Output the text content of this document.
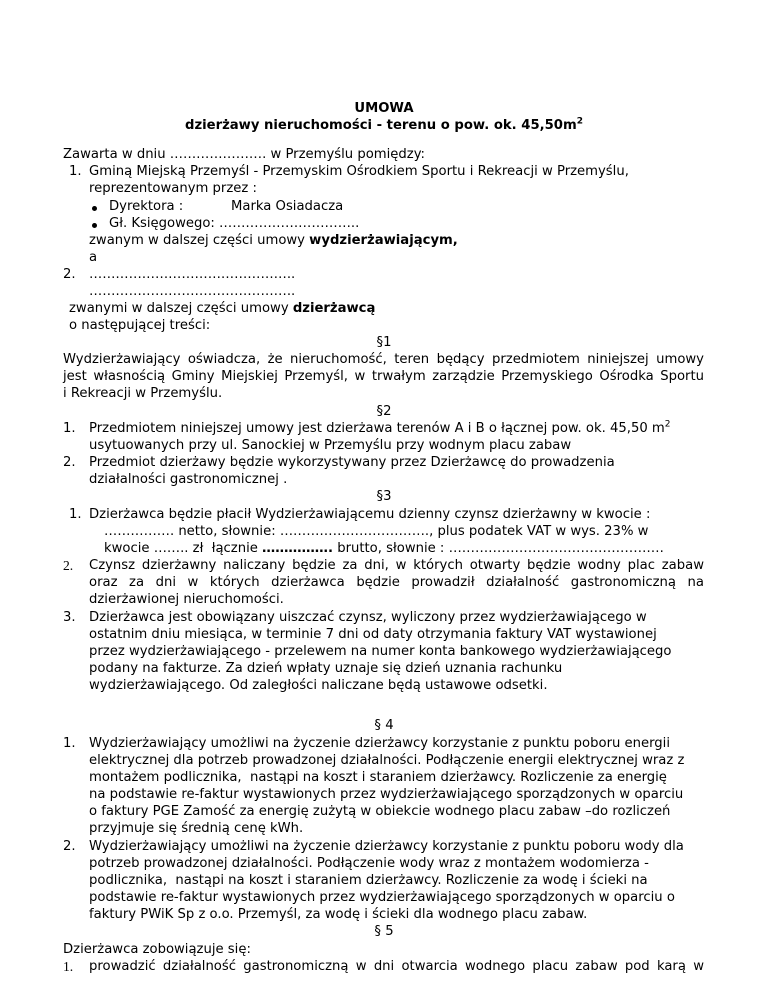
UMOWA
dzierżawy nieruchomości - terenu o pow. ok. $45,50m^2$
Zawarta w dniu …………………. w Przemyślu pomiędzy:
1. Gminą Miejską Przemyśl - Przemyskim Ośrodkiem Sportu i Rekreacji w Przemyślu,
reprezentowanym przez :
Dyrektora :	Marka Osiadacza
Gł. Księgowego: …………………………..
zwanym w dalszej części umowy wydzierżawiającym,
a
2. ………………………………………..
………………………………………..
zwanymi w dalszej części umowy dzierżawcą
o następującej treści:
§1
Wydzierżawiający oświadcza, że nieruchomość, teren będący przedmiotem niniejszej umowy
jest własnością Gminy Miejskiej Przemyśl, w trwałym zarządzie Przemyskiego Ośrodka Sportu
i Rekreacji w Przemyślu.
§2
1. Przedmiotem niniejszej umowy jest dzierżawa terenów A i B o łącznej pow. ok. 45,50 $m^2$
usytuowanych przy ul. Sanockiej w Przemyślu przy wodnym placu zabaw
2. Przedmiot dzierżawy będzie wykorzystywany przez Dzierżawcę do prowadzenia
działalności gastronomicznej .
§3
1. Dzierżawca będzie płacił Wydzierżawiającemu dzienny czynsz dzierżawny w kwocie :
……………. netto, słownie: ……………………………., plus podatek VAT w wys. 23% w
kwocie …….. zł  łącznie ……………. brutto, słownie : ………………………………………….
2. Czynsz dzierżawny naliczany będzie za dni, w których otwarty będzie wodny plac zabaw
oraz za dni w których dzierżawca będzie prowadził działalność gastronomiczną na
dzierżawionej nieruchomości.
3. Dzierżawca jest obowiązany uiszczać czynsz, wyliczony przez wydzierżawiającego w
ostatnim dniu miesiąca, w terminie 7 dni od daty otrzymania faktury VAT wystawionej
przez wydzierżawiającego - przelewem na numer konta bankowego wydzierżawiającego
podany na fakturze. Za dzień wpłaty uznaje się dzień uznania rachunku
wydzierżawiającego. Od zaległości naliczane będą ustawowe odsetki.
§ 4
1. Wydzierżawiający umożliwi na życzenie dzierżawcy korzystanie z punktu poboru energii
elektrycznej dla potrzeb prowadzonej działalności. Podłączenie energii elektrycznej wraz z
montażem podlicznika,  nastąpi na koszt i staraniem dzierżawcy. Rozliczenie za energię
na podstawie re-faktur wystawionych przez wydzierżawiającego sporządzonych w oparciu
o faktury PGE Zamość za energię zużytą w obiekcie wodnego placu zabaw –do rozliczeń
przyjmuje się średnią cenę kWh.
2. Wydzierżawiający umożliwi na życzenie dzierżawcy korzystanie z punktu poboru wody dla
potrzeb prowadzonej działalności. Podłączenie wody wraz z montażem wodomierza -
podlicznika,  nastąpi na koszt i staraniem dzierżawcy. Rozliczenie za wodę i ścieki na
podstawie re-faktur wystawionych przez wydzierżawiającego sporządzonych w oparciu o
faktury PWiK Sp z o.o. Przemyśl, za wodę i ścieki dla wodnego placu zabaw.
§ 5
Dzierżawca zobowiązuje się:
1. prowadzić działalność gastronomiczną w dni otwarcia wodnego placu zabaw pod karą w
